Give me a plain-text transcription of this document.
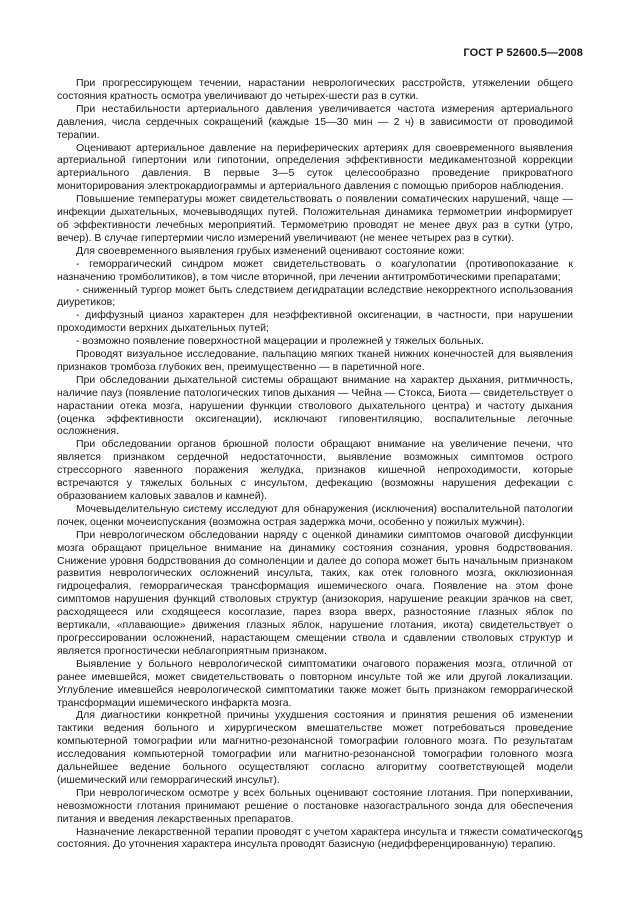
ГОСТ Р 52600.5—2008

При прогрессирующем течении, нарастании неврологических расстройств, утяжелении общего состояния кратность осмотра увеличивают до четырех-шести раз в сутки.

При нестабильности артериального давления увеличивается частота измерения артериального давления, числа сердечных сокращений (каждые 15—30 мин — 2 ч) в зависимости от проводимой терапии.

Оценивают артериальное давление на периферических артериях для своевременного выявления артериальной гипертонии или гипотонии, определения эффективности медикаментозной коррекции артериального давления. В первые 3—5 суток целесообразно проведение прикроватного мониторирования электрокардиограммы и артериального давления с помощью приборов наблюдения.

Повышение температуры может свидетельствовать о появлении соматических нарушений, чаще — инфекции дыхательных, мочевыводящих путей. Положительная динамика термометрии информирует об эффективности лечебных мероприятий. Термометрию проводят не менее двух раз в сутки (утро, вечер). В случае гипертермии число измерений увеличивают (не менее четырех раз в сутки).

Для своевременного выявления грубых изменений оценивают состояние кожи:

- геморрагический синдром может свидетельствовать о коагулопатии (противопоказание к назначению тромболитиков), в том числе вторичной, при лечении антитромботическими препаратами;

- сниженный тургор может быть следствием дегидратации вследствие некорректного использования диуретиков;

- диффузный цианоз характерен для неэффективной оксигенации, в частности, при нарушении проходимости верхних дыхательных путей;

- возможно появление поверхностной мацерации и пролежней у тяжелых больных.

Проводят визуальное исследование, пальпацию мягких тканей нижних конечностей для выявления признаков тромбоза глубоких вен, преимущественно — в паретичной ноге.

При обследовании дыхательной системы обращают внимание на характер дыхания, ритмичность, наличие пауз (появление патологических типов дыхания — Чейна — Стокса, Биота — свидетельствует о нарастании отека мозга, нарушении функции стволового дыхательного центра) и частоту дыхания (оценка эффективности оксигенации), исключают гиповентиляцию, воспалительные легочные осложнения.

При обследовании органов брюшной полости обращают внимание на увеличение печени, что является признаком сердечной недостаточности, выявление возможных симптомов острого стрессорного язвенного поражения желудка, признаков кишечной непроходимости, которые встречаются у тяжелых больных с инсультом, дефекацию (возможны нарушения дефекации с образованием каловых завалов и камней).

Мочевыделительную систему исследуют для обнаружения (исключения) воспалительной патологии почек, оценки мочеиспускания (возможна острая задержка мочи, особенно у пожилых мужчин).

При неврологическом обследовании наряду с оценкой динамики симптомов очаговой дисфункции мозга обращают прицельное внимание на динамику состояния сознания, уровня бодрствования. Снижение уровня бодрствования до сомноленции и далее до сопора может быть начальным признаком развития неврологических осложнений инсульта, таких, как отек головного мозга, окклюзионная гидроцефалия, геморрагическая трансформация ишемического очага. Появление на этом фоне симптомов нарушения функций стволовых структур (анизокория, нарушение реакции зрачков на свет, расходящееся или сходящееся косоглазие, парез взора вверх, разностояние глазных яблок по вертикали, «плавающие» движения глазных яблок, нарушение глотания, икота) свидетельствует о прогрессировании осложнений, нарастающем смещении ствола и сдавлении стволовых структур и является прогностически неблагоприятным признаком.

Выявление у больного неврологической симптоматики очагового поражения мозга, отличной от ранее имевшейся, может свидетельствовать о повторном инсульте той же или другой локализации. Углубление имевшейся неврологической симптоматики также может быть признаком геморрагической трансформации ишемического инфаркта мозга.

Для диагностики конкретной причины ухудшения состояния и принятия решения об изменении тактики ведения больного и хирургическом вмешательстве может потребоваться проведение компьютерной томографии или магнитно-резонансной томографии головного мозга. По результатам исследования компьютерной томографии или магнитно-резонансной томографии головного мозга дальнейшее ведение больного осуществляют согласно алгоритму соответствующей модели (ишемический или геморрагический инсульт).

При неврологическом осмотре у всех больных оценивают состояние глотания. При поперхивании, невозможности глотания принимают решение о постановке назогастрального зонда для обеспечения питания и введения лекарственных препаратов.

Назначение лекарственной терапии проводят с учетом характера инсульта и тяжести соматического состояния. До уточнения характера инсульта проводят базисную (недифференцированную) терапию.

45
